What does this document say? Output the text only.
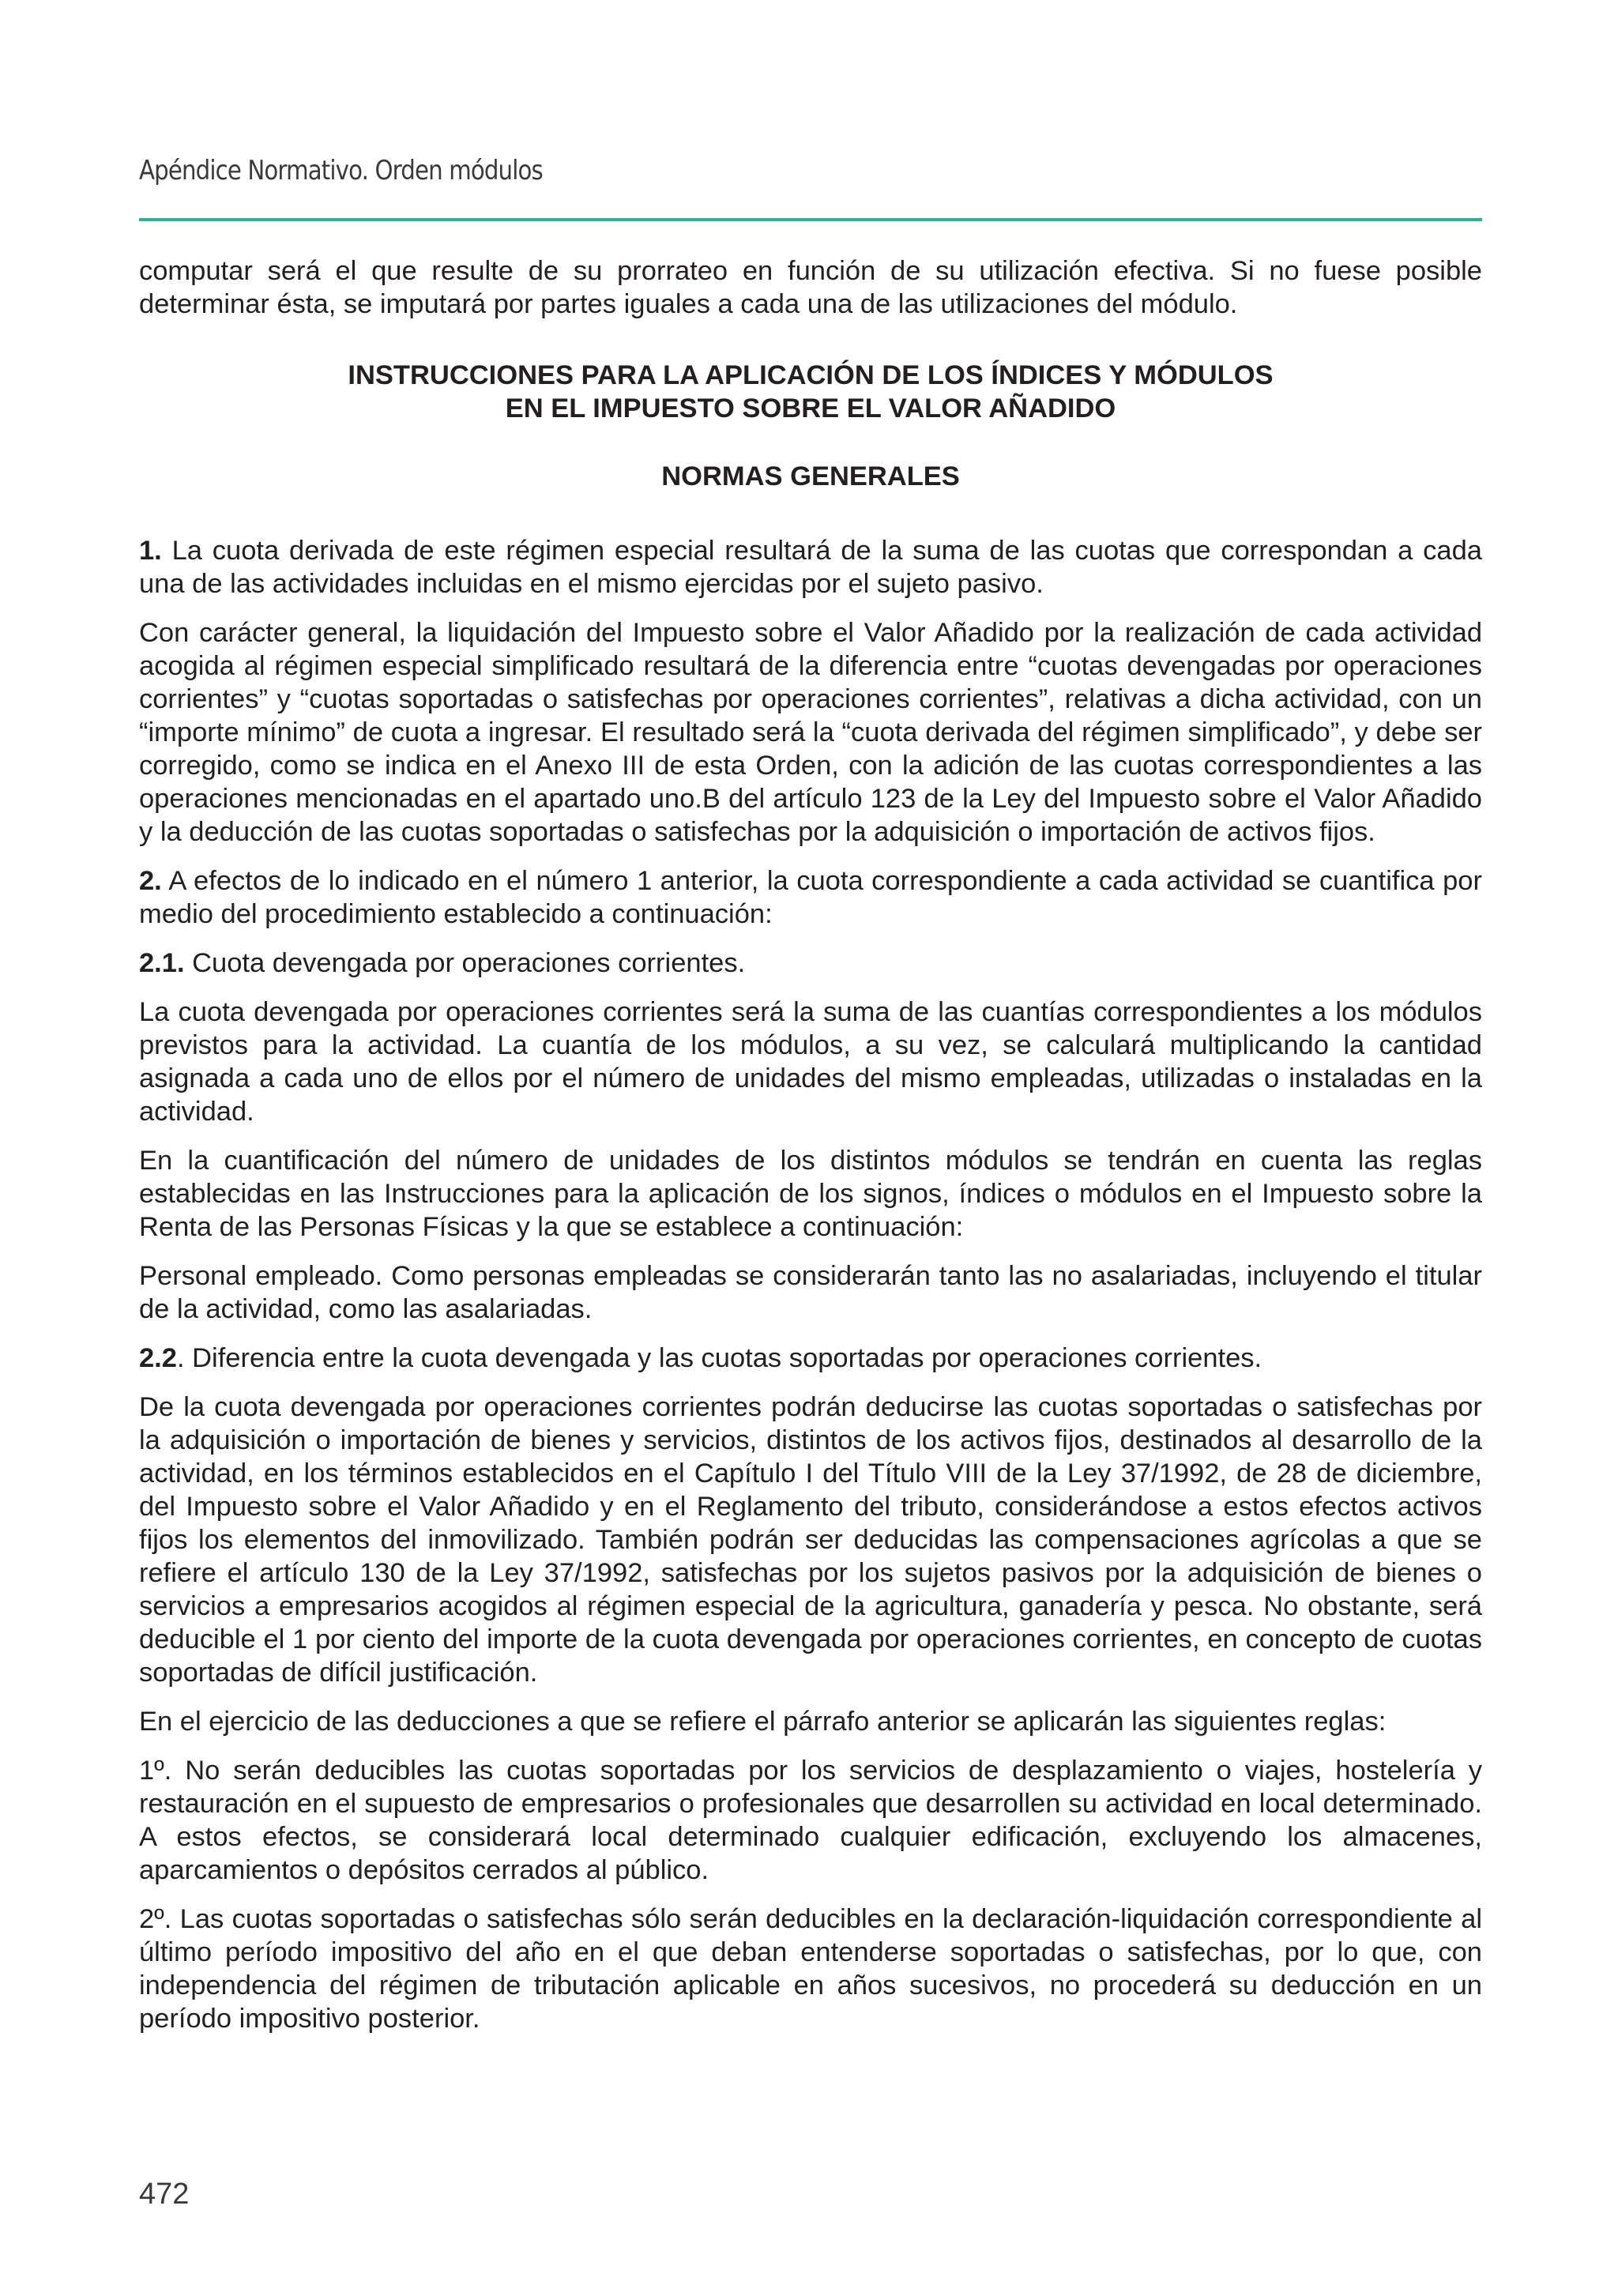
Apéndice Normativo. Orden módulos

computar será el que resulte de su prorrateo en función de su utilización efectiva. Si no fuese posible determinar ésta, se imputará por partes iguales a cada una de las utilizaciones del módulo.

INSTRUCCIONES PARA LA APLICACIÓN DE LOS ÍNDICES Y MÓDULOS
EN EL IMPUESTO SOBRE EL VALOR AÑADIDO
NORMAS GENERALES

1. La cuota derivada de este régimen especial resultará de la suma de las cuotas que correspondan a cada una de las actividades incluidas en el mismo ejercidas por el sujeto pasivo.

Con carácter general, la liquidación del Impuesto sobre el Valor Añadido por la realización de cada actividad acogida al régimen especial simplificado resultará de la diferencia entre “cuotas devengadas por operaciones corrientes” y “cuotas soportadas o satisfechas por operaciones corrientes”, relativas a dicha actividad, con un “importe mínimo” de cuota a ingresar. El resultado será la “cuota derivada del régimen simplificado”, y debe ser corregido, como se indica en el Anexo III de esta Orden, con la adición de las cuotas correspondientes a las operaciones mencionadas en el apartado uno.B del artículo 123 de la Ley del Impuesto sobre el Valor Añadido y la deducción de las cuotas soportadas o satisfechas por la adquisición o importación de activos fijos.

2. A efectos de lo indicado en el número 1 anterior, la cuota correspondiente a cada actividad se cuantifica por medio del procedimiento establecido a continuación:

2.1. Cuota devengada por operaciones corrientes.

La cuota devengada por operaciones corrientes será la suma de las cuantías correspondientes a los módulos previstos para la actividad. La cuantía de los módulos, a su vez, se calculará multiplicando la cantidad asignada a cada uno de ellos por el número de unidades del mismo empleadas, utilizadas o instaladas en la actividad.

En la cuantificación del número de unidades de los distintos módulos se tendrán en cuenta las reglas establecidas en las Instrucciones para la aplicación de los signos, índices o módulos en el Impuesto sobre la Renta de las Personas Físicas y la que se establece a continuación:

Personal empleado. Como personas empleadas se considerarán tanto las no asalariadas, incluyendo el titular de la actividad, como las asalariadas.

2.2. Diferencia entre la cuota devengada y las cuotas soportadas por operaciones corrientes.

De la cuota devengada por operaciones corrientes podrán deducirse las cuotas soportadas o satisfechas por la adquisición o importación de bienes y servicios, distintos de los activos fijos, destinados al desarrollo de la actividad, en los términos establecidos en el Capítulo I del Título VIII de la Ley 37/1992, de 28 de diciembre, del Impuesto sobre el Valor Añadido y en el Reglamento del tributo, considerándose a estos efectos activos fijos los elementos del inmovilizado. También podrán ser deducidas las compensaciones agrícolas a que se refiere el artículo 130 de la Ley 37/1992, satisfechas por los sujetos pasivos por la adquisición de bienes o servicios a empresarios acogidos al régimen especial de la agricultura, ganadería y pesca. No obstante, será deducible el 1 por ciento del importe de la cuota devengada por operaciones corrientes, en concepto de cuotas soportadas de difícil justificación.

En el ejercicio de las deducciones a que se refiere el párrafo anterior se aplicarán las siguientes reglas:

1º. No serán deducibles las cuotas soportadas por los servicios de desplazamiento o viajes, hostelería y restauración en el supuesto de empresarios o profesionales que desarrollen su actividad en local determinado. A estos efectos, se considerará local determinado cualquier edificación, excluyendo los almacenes, aparcamientos o depósitos cerrados al público.

2º. Las cuotas soportadas o satisfechas sólo serán deducibles en la declaración-liquidación correspondiente al último período impositivo del año en el que deban entenderse soportadas o satisfechas, por lo que, con independencia del régimen de tributación aplicable en años sucesivos, no procederá su deducción en un período impositivo posterior.

472
